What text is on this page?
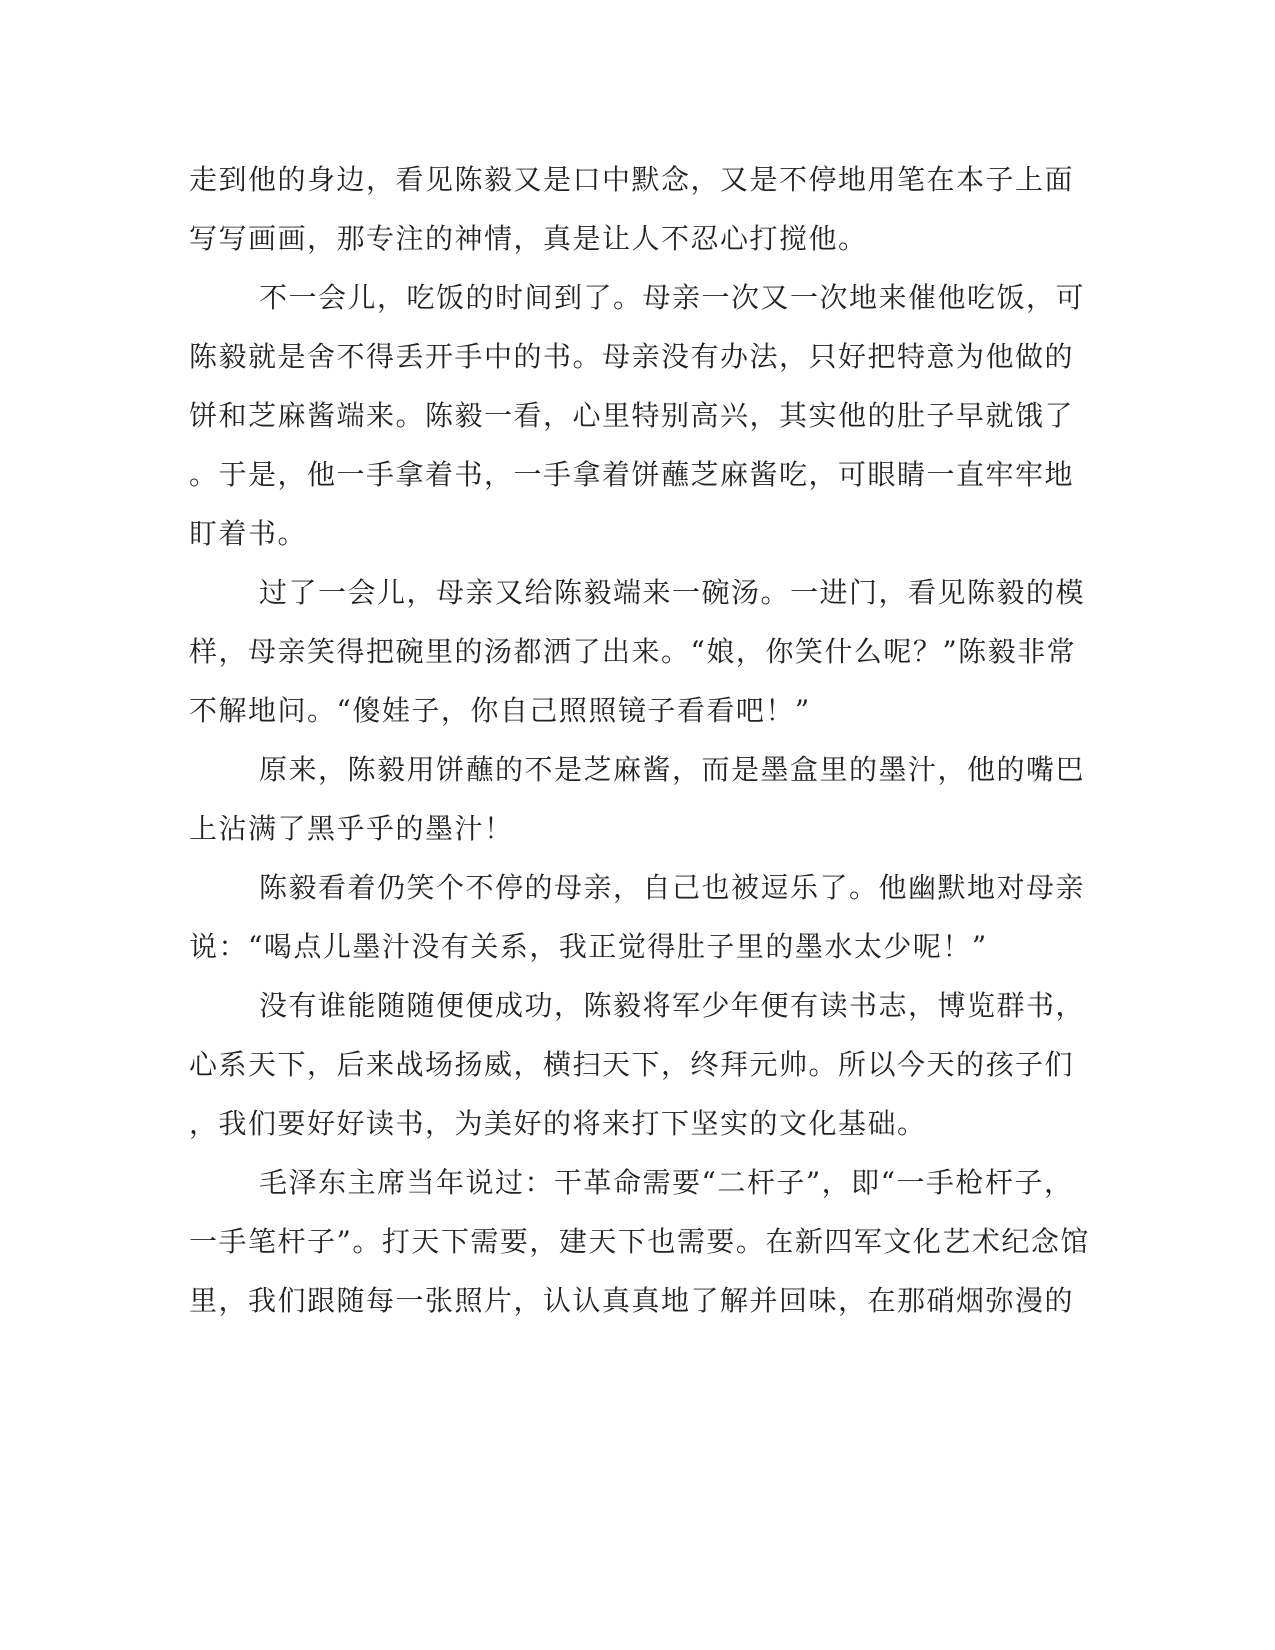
走到他的身边，看见陈毅又是口中默念，又是不停地用笔在本子上面
写写画画，那专注的神情，真是让人不忍心打搅他。
不一会儿，吃饭的时间到了。母亲一次又一次地来催他吃饭，可
陈毅就是舍不得丢开手中的书。母亲没有办法，只好把特意为他做的
饼和芝麻酱端来。陈毅一看，心里特别高兴，其实他的肚子早就饿了
。于是，他一手拿着书，一手拿着饼蘸芝麻酱吃，可眼睛一直牢牢地
盯着书。
过了一会儿，母亲又给陈毅端来一碗汤。一进门，看见陈毅的模
样，母亲笑得把碗里的汤都洒了出来。“娘，你笑什么呢？”陈毅非常
不解地问。“傻娃子，你自己照照镜子看看吧！”
原来，陈毅用饼蘸的不是芝麻酱，而是墨盒里的墨汁，他的嘴巴
上沾满了黑乎乎的墨汁！
陈毅看着仍笑个不停的母亲，自己也被逗乐了。他幽默地对母亲
说：“喝点儿墨汁没有关系，我正觉得肚子里的墨水太少呢！”
没有谁能随随便便成功，陈毅将军少年便有读书志，博览群书，
心系天下，后来战场扬威，横扫天下，终拜元帅。所以今天的孩子们
，我们要好好读书，为美好的将来打下坚实的文化基础。
毛泽东主席当年说过：干革命需要“二杆子”，即“一手枪杆子，
一手笔杆子”。打天下需要，建天下也需要。在新四军文化艺术纪念馆
里，我们跟随每一张照片，认认真真地了解并回味，在那硝烟弥漫的
